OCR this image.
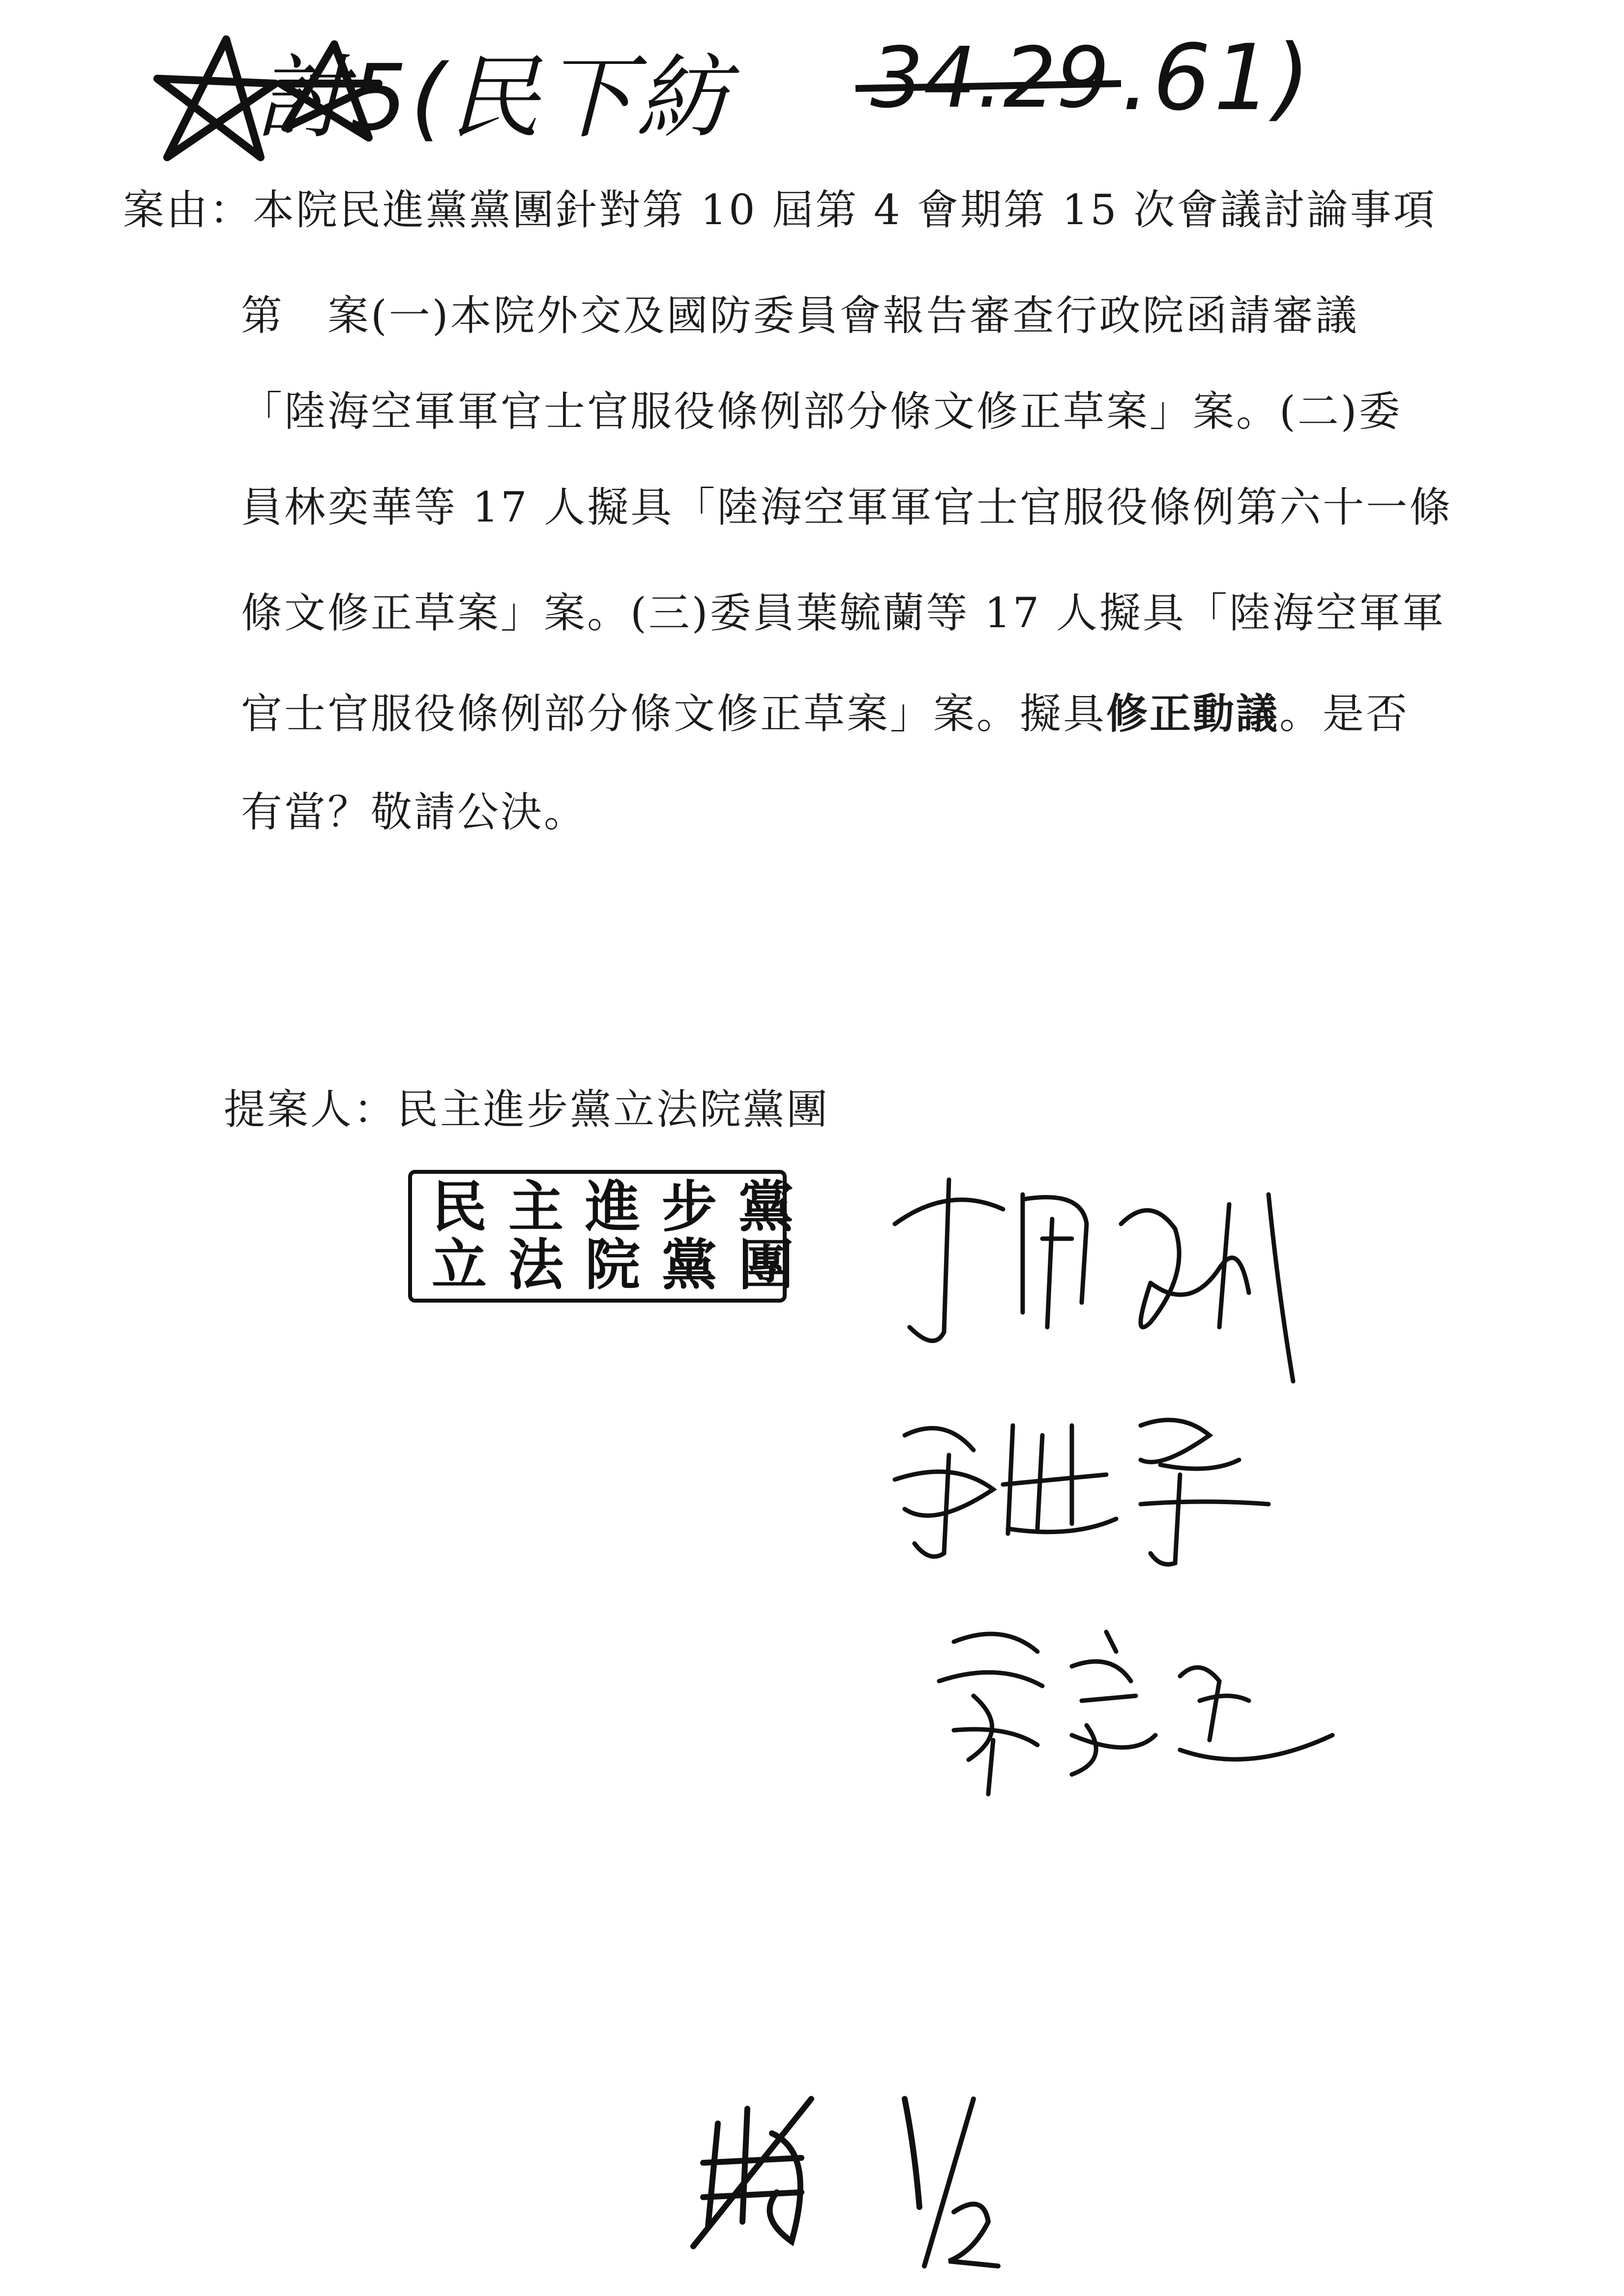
討5(民下紡 34.29 .61)
案由：本院民進黨黨團針對第 10 屆第 4 會期第 15 次會議討論事項
第　案(一)本院外交及國防委員會報告審查行政院函請審議
「陸海空軍軍官士官服役條例部分條文修正草案」案。(二)委
員林奕華等 17 人擬具「陸海空軍軍官士官服役條例第六十一條
條文修正草案」案。(三)委員葉毓蘭等 17 人擬具「陸海空軍軍
官士官服役條例部分條文修正草案」案。擬具修正動議。是否
有當？敬請公決。
提案人：民主進步黨立法院黨團
民主進步黨
立法院黨團
